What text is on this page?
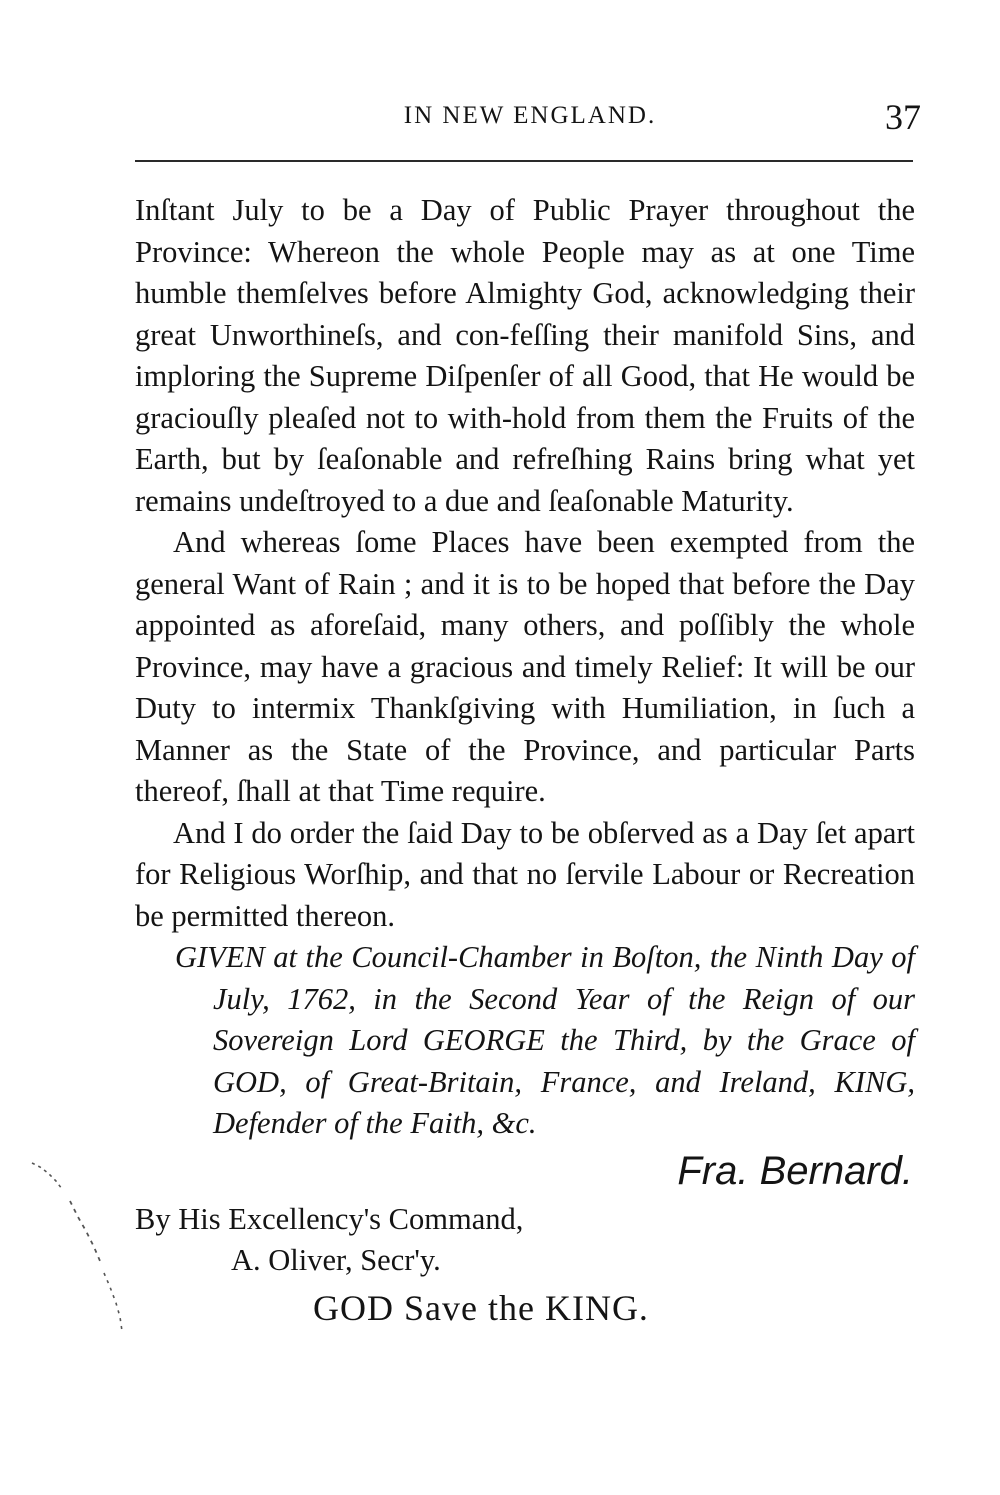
IN NEW ENGLAND.	37

Inſtant July to be a Day of Public Prayer throughout the Province: Whereon the whole People may as at one Time humble themſelves before Almighty God, acknowledging their great Unworthineſs, and con-feſſing their manifold Sins, and imploring the Supreme Diſpenſer of all Good, that He would be graciouſly pleaſed not to with-hold from them the Fruits of the Earth, but by ſeaſonable and refreſhing Rains bring what yet remains undeſtroyed to a due and ſeaſonable Maturity.

And whereas ſome Places have been exempted from the general Want of Rain ; and it is to be hoped that before the Day appointed as aforeſaid, many others, and poſſibly the whole Province, may have a gracious and timely Relief: It will be our Duty to intermix Thankſgiving with Humiliation, in ſuch a Manner as the State of the Province, and particular Parts thereof, ſhall at that Time require.

And I do order the ſaid Day to be obſerved as a Day ſet apart for Religious Worſhip, and that no ſervile Labour or Recreation be permitted thereon.

GIVEN at the Council-Chamber in Boſton, the Ninth Day of July, 1762, in the Second Year of the Reign of our Sovereign Lord GEORGE the Third, by the Grace of GOD, of Great-Britain, France, and Ireland, KING, Defender of the Faith, &c.

Fra. Bernard.
By His Excellency's Command,
A. Oliver, Secr'y.
GOD Save the KING.
